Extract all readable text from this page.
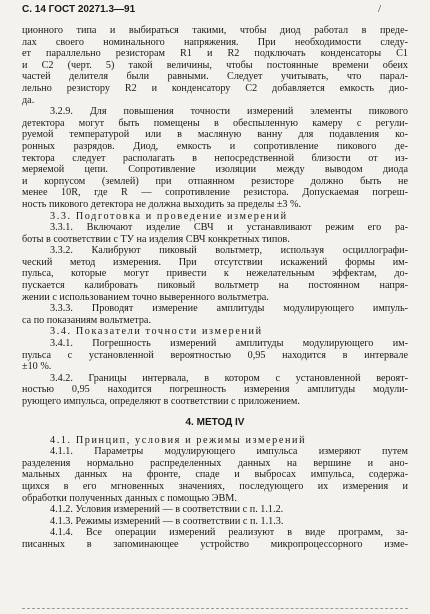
С. 14 ГОСТ 20271.3—91	/

ционного типа и выбираться такими, чтобы диод работал в преде-

лах своего номинального напряжения. При необходимости следу-

ет параллельно резисторам R1 и R2 подключать конденсаторы C1

и C2 (черт. 5) такой величины, чтобы постоянные времени обеих

частей делителя были равными. Следует учитывать, что парал-

лельно резистору R2 и конденсатору C2 добавляется емкость дио-

да.

3.2.9. Для повышения точности измерений элементы пикового

детектора могут быть помещены в обеспыленную камеру с регули-

руемой температурой или в масляную ванну для подавления ко-

ронных разрядов. Диод, емкость и сопротивление пикового де-

тектора следует располагать в непосредственной близости от из-

меряемой цепи. Сопротивление изоляции между выводом диода

и корпусом (землей) при отпаянном резисторе должно быть не

менее 10R, где R — сопротивление резистора. Допускаемая погреш-

ность пикового детектора не должна выходить за пределы ±3 %.

3.3. Подготовка и проведение измерений

3.3.1. Включают изделие СВЧ и устанавливают режим его ра-

боты в соответствии с ТУ на изделия СВЧ конкретных типов.

3.3.2. Калибруют пиковый вольтметр, используя осциллографи-

ческий метод измерения. При отсутствии искажений формы им-

пульса, которые могут привести к нежелательным эффектам, до-

пускается калибровать пиковый вольтметр на постоянном напря-

жении с использованием точно выверенного вольтметра.

3.3.3. Проводят измерение амплитуды модулирующего импуль-

са по показаниям вольтметра.

3.4. Показатели точности измерений

3.4.1. Погрешность измерений амплитуды модулирующего им-

пульса с установленной вероятностью 0,95 находится в интервале

±10 %.

3.4.2. Границы интервала, в котором с установленной вероят-

ностью 0,95 находится погрешность измерения амплитуды модули-

рующего импульса, определяют в соответствии с приложением.

4. МЕТОД IV

4.1. Принцип, условия и режимы измерений

4.1.1. Параметры модулирующего импульса измеряют путем

разделения нормально распределенных данных на вершине и ано-

мальных данных на фронте, спаде и выбросах импульса, содержа-

щихся в его мгновенных значениях, последующего их измерения и

обработки полученных данных с помощью ЭВМ.

4.1.2. Условия измерений — в соответствии с п. 1.1.2.

4.1.3. Режимы измерений — в соответствии с п. 1.1.3.

4.1.4. Все операции измерений реализуют в виде программ, за-

писанных в запоминающее устройство микропроцессорного изме-
